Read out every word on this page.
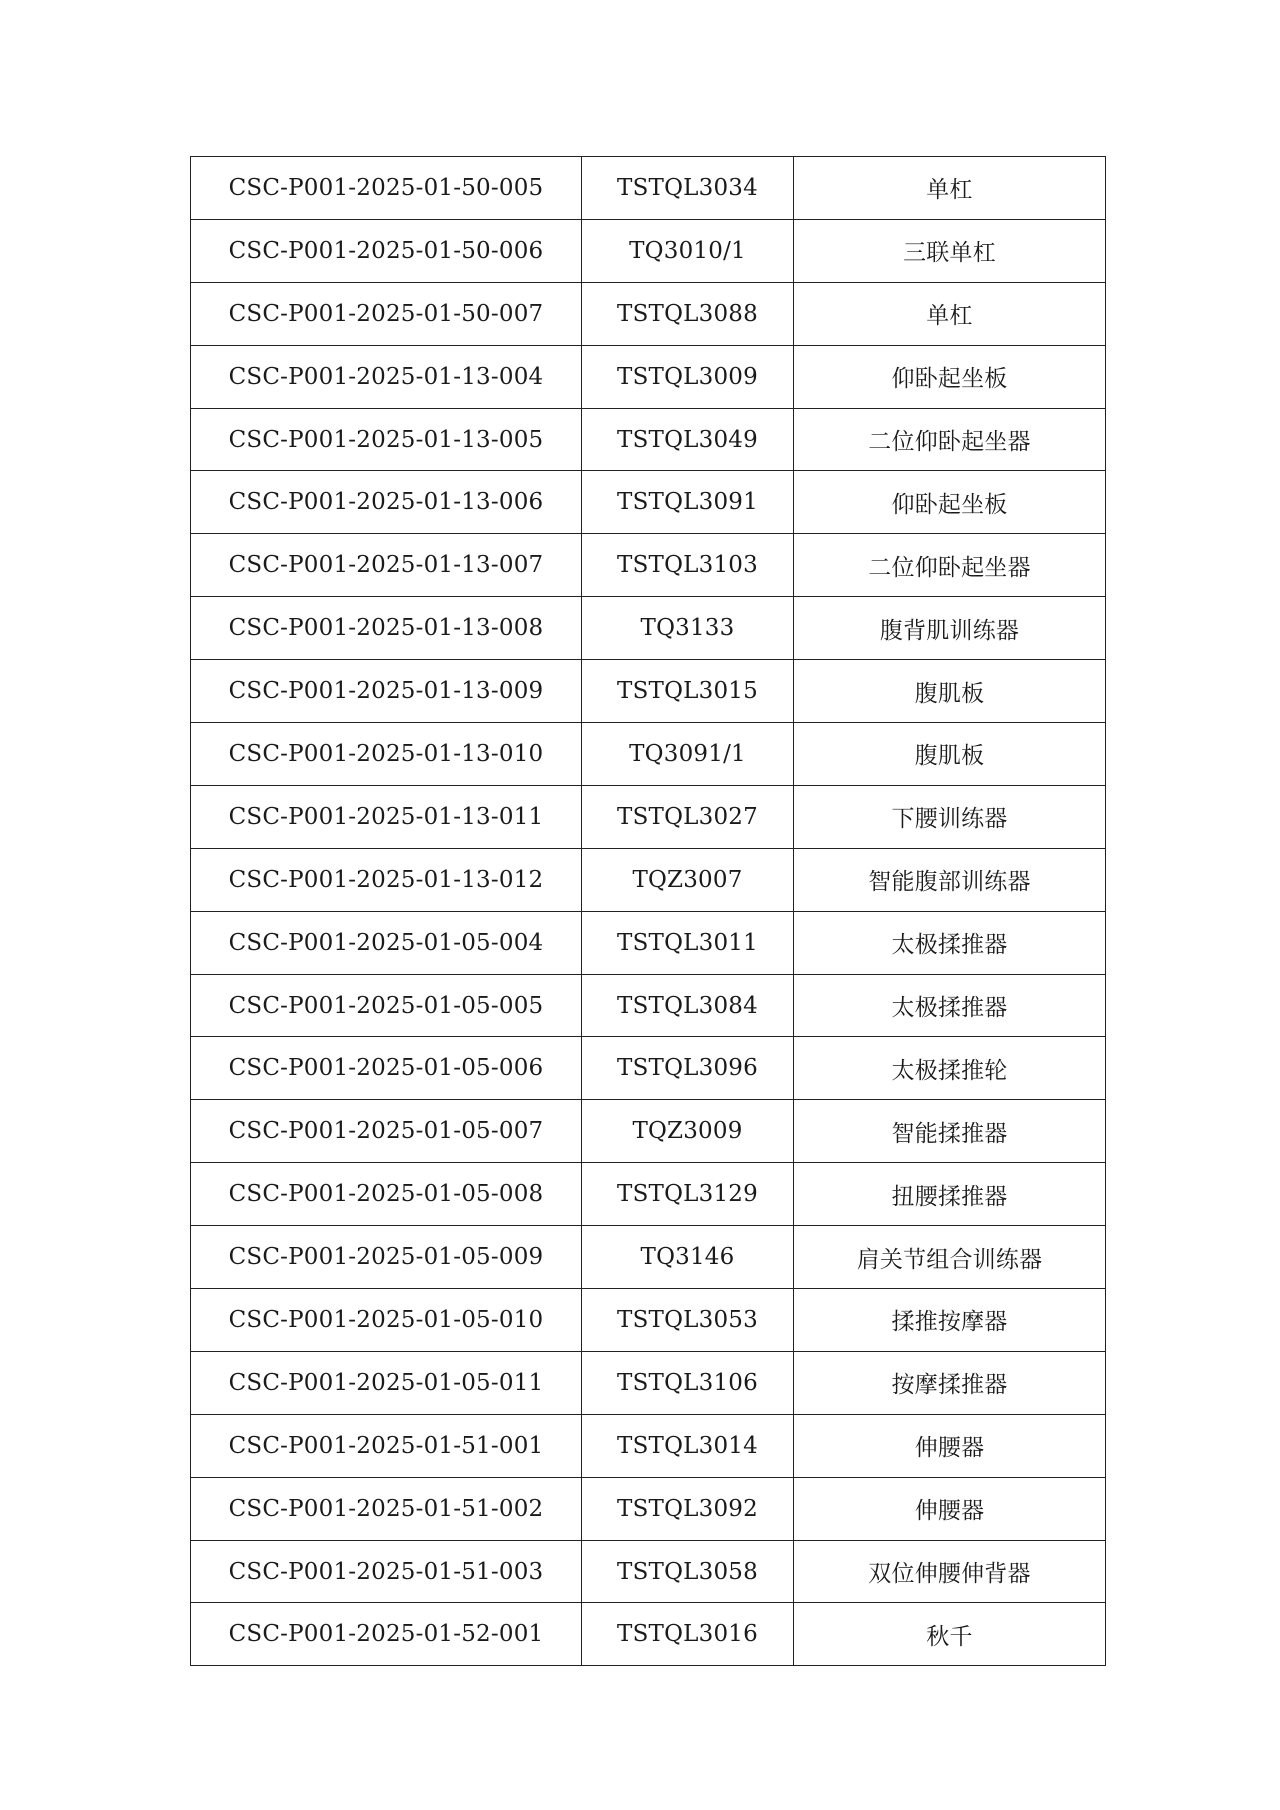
CSC-P001-2025-01-50-005	TSTQL3034	单杠
CSC-P001-2025-01-50-006	TQ3010/1	三联单杠
CSC-P001-2025-01-50-007	TSTQL3088	单杠
CSC-P001-2025-01-13-004	TSTQL3009	仰卧起坐板
CSC-P001-2025-01-13-005	TSTQL3049	二位仰卧起坐器
CSC-P001-2025-01-13-006	TSTQL3091	仰卧起坐板
CSC-P001-2025-01-13-007	TSTQL3103	二位仰卧起坐器
CSC-P001-2025-01-13-008	TQ3133	腹背肌训练器
CSC-P001-2025-01-13-009	TSTQL3015	腹肌板
CSC-P001-2025-01-13-010	TQ3091/1	腹肌板
CSC-P001-2025-01-13-011	TSTQL3027	下腰训练器
CSC-P001-2025-01-13-012	TQZ3007	智能腹部训练器
CSC-P001-2025-01-05-004	TSTQL3011	太极揉推器
CSC-P001-2025-01-05-005	TSTQL3084	太极揉推器
CSC-P001-2025-01-05-006	TSTQL3096	太极揉推轮
CSC-P001-2025-01-05-007	TQZ3009	智能揉推器
CSC-P001-2025-01-05-008	TSTQL3129	扭腰揉推器
CSC-P001-2025-01-05-009	TQ3146	肩关节组合训练器
CSC-P001-2025-01-05-010	TSTQL3053	揉推按摩器
CSC-P001-2025-01-05-011	TSTQL3106	按摩揉推器
CSC-P001-2025-01-51-001	TSTQL3014	伸腰器
CSC-P001-2025-01-51-002	TSTQL3092	伸腰器
CSC-P001-2025-01-51-003	TSTQL3058	双位伸腰伸背器
CSC-P001-2025-01-52-001	TSTQL3016	秋千
